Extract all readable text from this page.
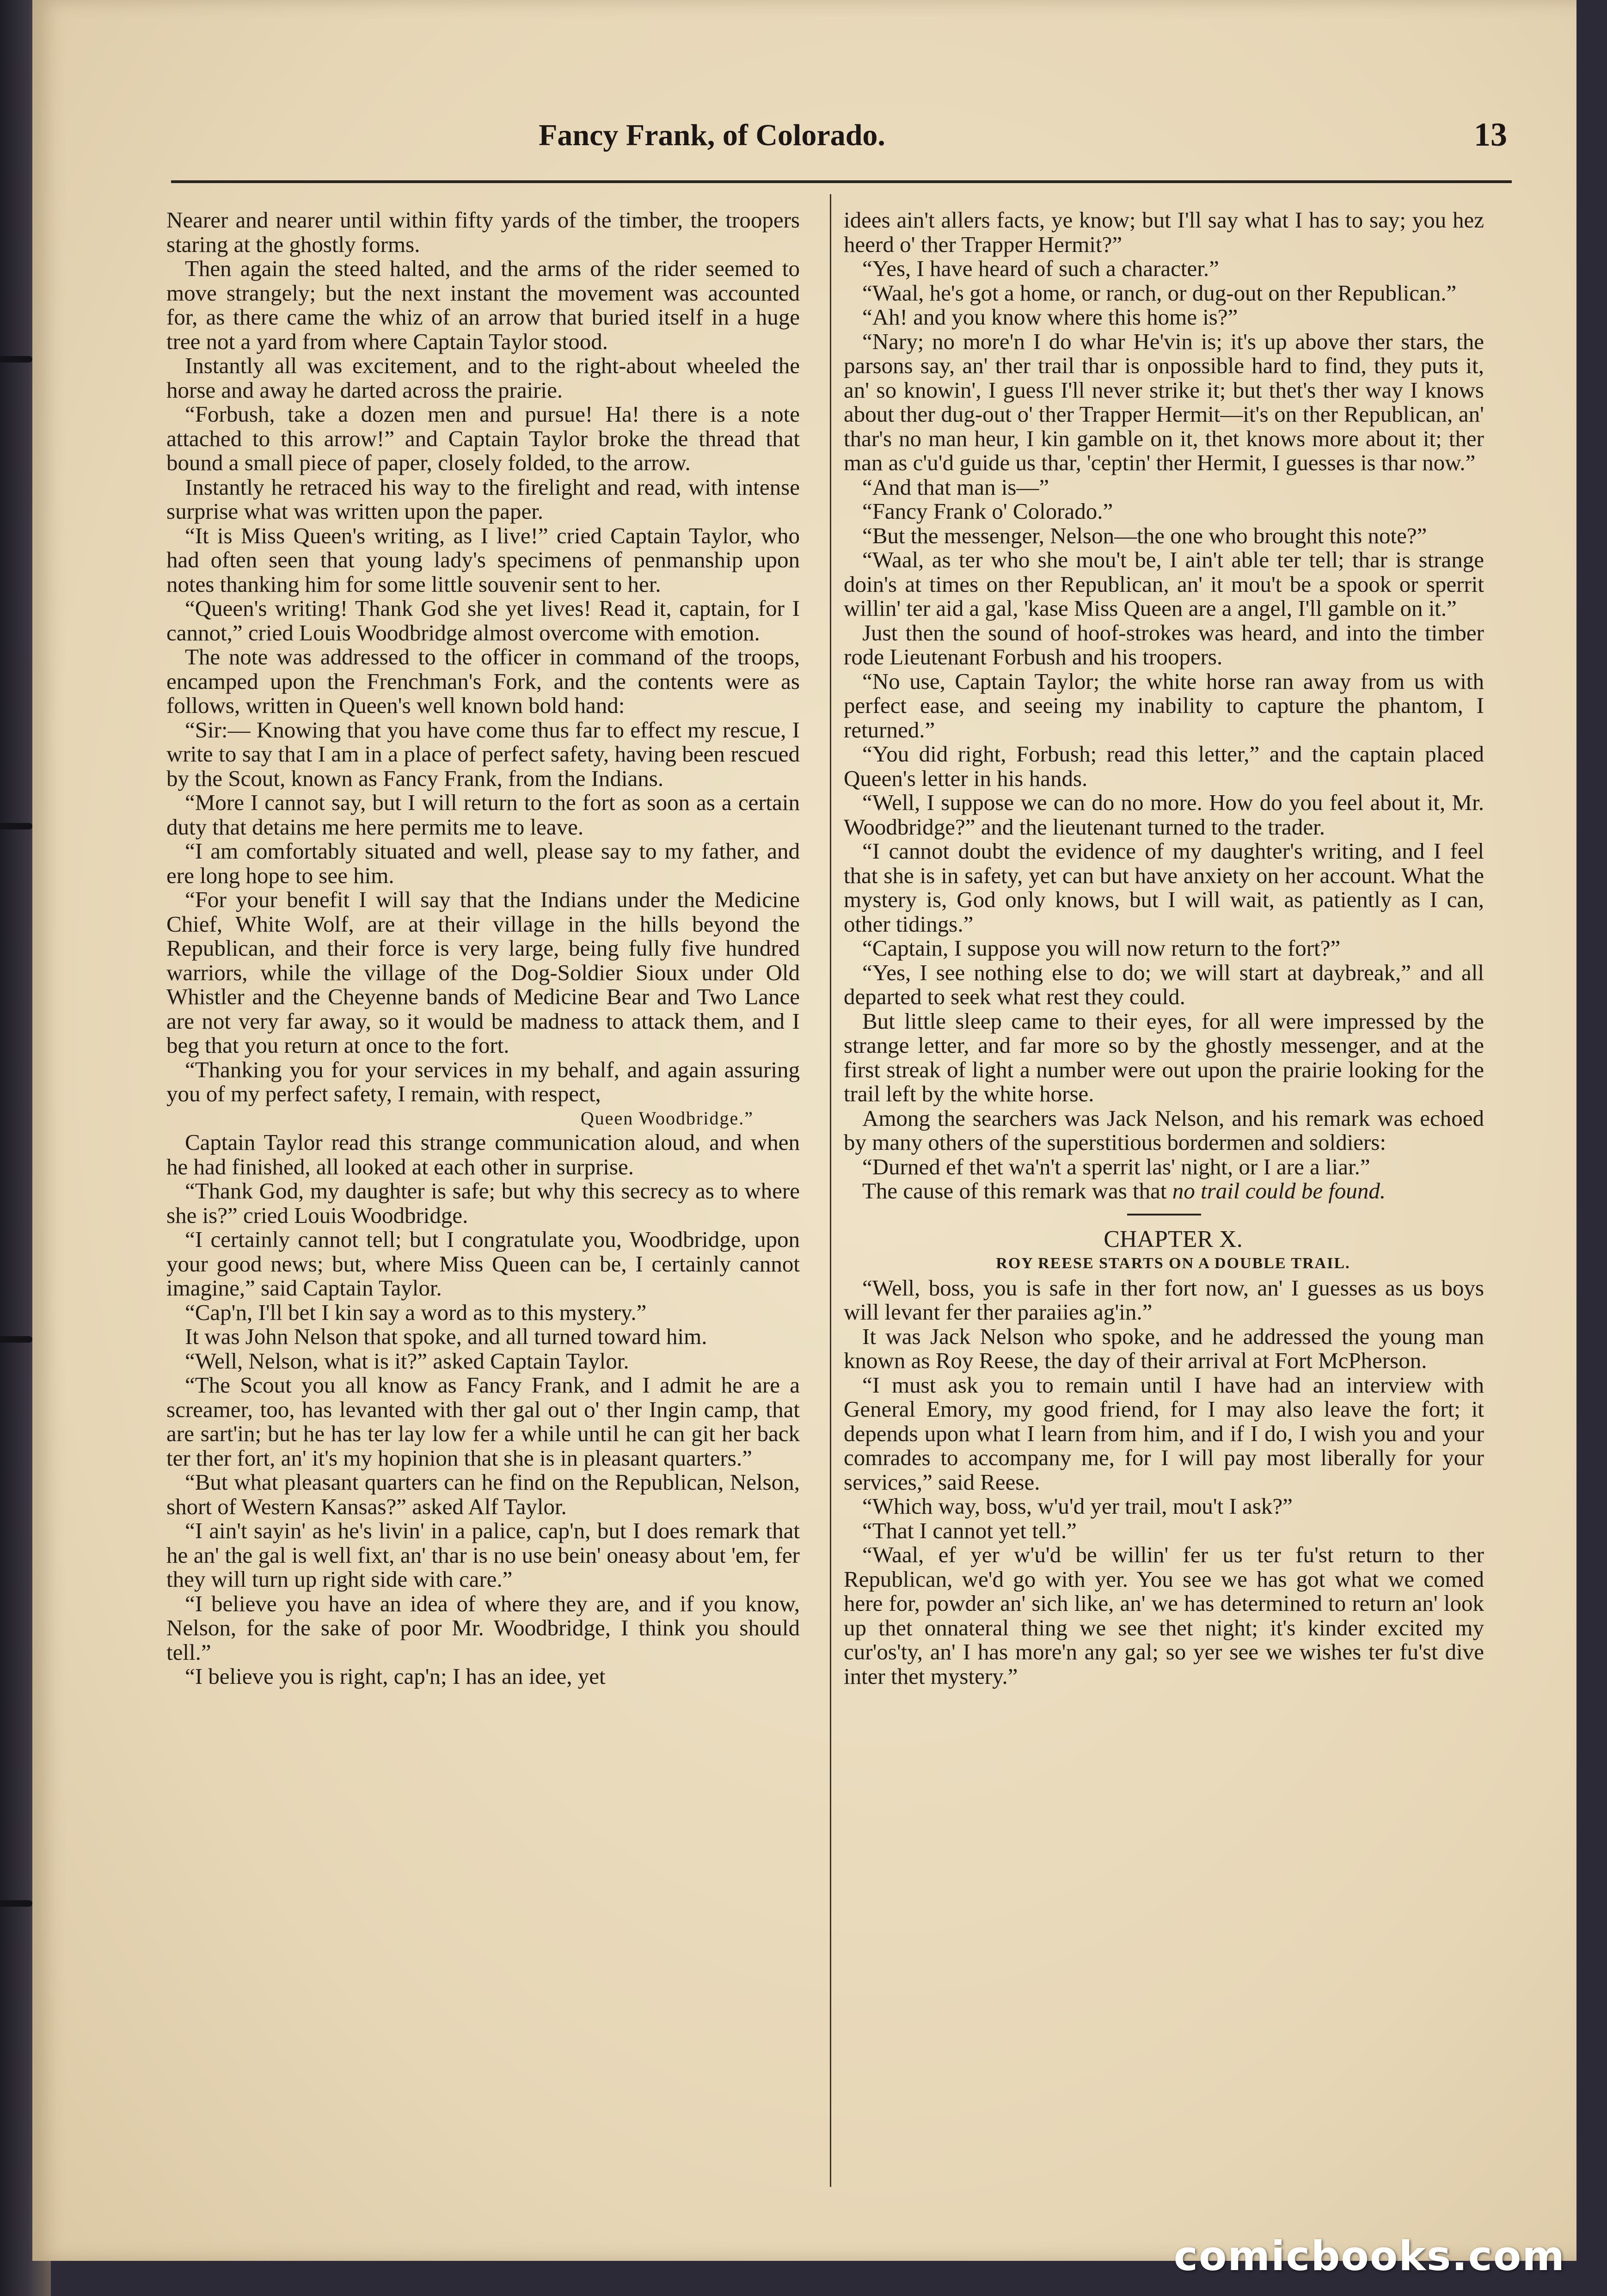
Fancy Frank, of Colorado.	13

Nearer and nearer until within fifty yards of the timber, the troopers staring at the ghostly forms.

Then again the steed halted, and the arms of the rider seemed to move strangely; but the next instant the movement was accounted for, as there came the whiz of an arrow that buried itself in a huge tree not a yard from where Captain Taylor stood.

Instantly all was excitement, and to the right-about wheeled the horse and away he darted across the prairie.

“Forbush, take a dozen men and pursue! Ha! there is a note attached to this arrow!” and Captain Taylor broke the thread that bound a small piece of paper, closely folded, to the arrow.

Instantly he retraced his way to the firelight and read, with intense surprise what was written upon the paper.

“It is Miss Queen's writing, as I live!” cried Captain Taylor, who had often seen that young lady's specimens of penmanship upon notes thanking him for some little souvenir sent to her.

“Queen's writing! Thank God she yet lives! Read it, captain, for I cannot,” cried Louis Woodbridge almost overcome with emotion.

The note was addressed to the officer in command of the troops, encamped upon the Frenchman's Fork, and the contents were as follows, written in Queen's well known bold hand:

“Sir:— Knowing that you have come thus far to effect my rescue, I write to say that I am in a place of perfect safety, having been rescued by the Scout, known as Fancy Frank, from the Indians.

“More I cannot say, but I will return to the fort as soon as a certain duty that detains me here permits me to leave.

“I am comfortably situated and well, please say to my father, and ere long hope to see him.

“For your benefit I will say that the Indians under the Medicine Chief, White Wolf, are at their village in the hills beyond the Republican, and their force is very large, being fully five hundred warriors, while the village of the Dog-Soldier Sioux under Old Whistler and the Cheyenne bands of Medicine Bear and Two Lance are not very far away, so it would be madness to attack them, and I beg that you return at once to the fort.

“Thanking you for your services in my behalf, and again assuring you of my perfect safety, I remain, with respect,

Queen Woodbridge.”

Captain Taylor read this strange communication aloud, and when he had finished, all looked at each other in surprise.

“Thank God, my daughter is safe; but why this secrecy as to where she is?” cried Louis Woodbridge.

“I certainly cannot tell; but I congratulate you, Woodbridge, upon your good news; but, where Miss Queen can be, I certainly cannot imagine,” said Captain Taylor.

“Cap'n, I'll bet I kin say a word as to this mystery.”

It was John Nelson that spoke, and all turned toward him.

“Well, Nelson, what is it?” asked Captain Taylor.

“The Scout you all know as Fancy Frank, and I admit he are a screamer, too, has levanted with ther gal out o' ther Ingin camp, that are sart'in; but he has ter lay low fer a while until he can git her back ter ther fort, an' it's my hopinion that she is in pleasant quarters.”

“But what pleasant quarters can he find on the Republican, Nelson, short of Western Kansas?” asked Alf Taylor.

“I ain't sayin' as he's livin' in a palice, cap'n, but I does remark that he an' the gal is well fixt, an' thar is no use bein' oneasy about 'em, fer they will turn up right side with care.”

“I believe you have an idea of where they are, and if you know, Nelson, for the sake of poor Mr. Woodbridge, I think you should tell.”

“I believe you is right, cap'n; I has an idee, yet

idees ain't allers facts, ye know; but I'll say what I has to say; you hez heerd o' ther Trapper Hermit?”

“Yes, I have heard of such a character.”

“Waal, he's got a home, or ranch, or dug-out on ther Republican.”

“Ah! and you know where this home is?”

“Nary; no more'n I do whar He'vin is; it's up above ther stars, the parsons say, an' ther trail thar is onpossible hard to find, they puts it, an' so knowin', I guess I'll never strike it; but thet's ther way I knows about ther dug-out o' ther Trapper Hermit—it's on ther Republican, an' thar's no man heur, I kin gamble on it, thet knows more about it; ther man as c'u'd guide us thar, 'ceptin' ther Hermit, I guesses is thar now.”

“And that man is—”

“Fancy Frank o' Colorado.”

“But the messenger, Nelson—the one who brought this note?”

“Waal, as ter who she mou't be, I ain't able ter tell; thar is strange doin's at times on ther Republican, an' it mou't be a spook or sperrit willin' ter aid a gal, 'kase Miss Queen are a angel, I'll gamble on it.”

Just then the sound of hoof-strokes was heard, and into the timber rode Lieutenant Forbush and his troopers.

“No use, Captain Taylor; the white horse ran away from us with perfect ease, and seeing my inability to capture the phantom, I returned.”

“You did right, Forbush; read this letter,” and the captain placed Queen's letter in his hands.

“Well, I suppose we can do no more. How do you feel about it, Mr. Woodbridge?” and the lieutenant turned to the trader.

“I cannot doubt the evidence of my daughter's writing, and I feel that she is in safety, yet can but have anxiety on her account. What the mystery is, God only knows, but I will wait, as patiently as I can, other tidings.”

“Captain, I suppose you will now return to the fort?”

“Yes, I see nothing else to do; we will start at daybreak,” and all departed to seek what rest they could.

But little sleep came to their eyes, for all were impressed by the strange letter, and far more so by the ghostly messenger, and at the first streak of light a number were out upon the prairie looking for the trail left by the white horse.

Among the searchers was Jack Nelson, and his remark was echoed by many others of the superstitious bordermen and soldiers:

“Durned ef thet wa'n't a sperrit las' night, or I are a liar.”

The cause of this remark was that no trail could be found.

CHAPTER X.

ROY REESE STARTS ON A DOUBLE TRAIL.

“Well, boss, you is safe in ther fort now, an' I guesses as us boys will levant fer ther paraiies ag'in.”

It was Jack Nelson who spoke, and he addressed the young man known as Roy Reese, the day of their arrival at Fort McPherson.

“I must ask you to remain until I have had an interview with General Emory, my good friend, for I may also leave the fort; it depends upon what I learn from him, and if I do, I wish you and your comrades to accompany me, for I will pay most liberally for your services,” said Reese.

“Which way, boss, w'u'd yer trail, mou't I ask?”

“That I cannot yet tell.”

“Waal, ef yer w'u'd be willin' fer us ter fu'st return to ther Republican, we'd go with yer. You see we has got what we comed here for, powder an' sich like, an' we has determined to return an' look up thet onnateral thing we see thet night; it's kinder excited my cur'os'ty, an' I has more'n any gal; so yer see we wishes ter fu'st dive inter thet mystery.”

comicbooks.com
